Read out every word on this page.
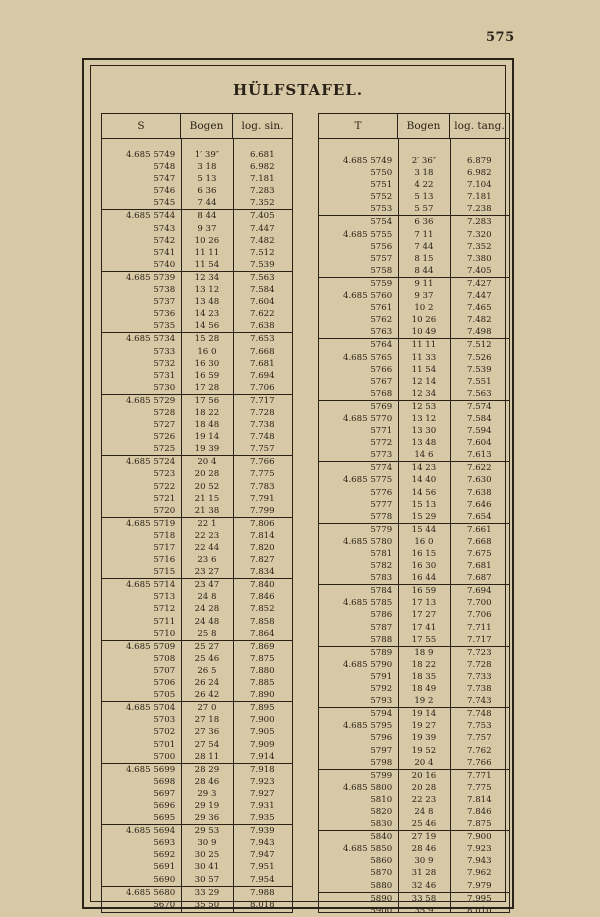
575
HÜLFSTAFEL.
S	Bogen	log. sin.
4.685 5749	1′ 39″	6.681
5748	3 18	6.982
5747	5 13	7.181
5746	6 36	7.283
5745	7 44	7.352
4.685 5744	8 44	7.405
5743	9 37	7.447
5742	10 26	7.482
5741	11 11	7.512
5740	11 54	7.539
4.685 5739	12 34	7.563
5738	13 12	7.584
5737	13 48	7.604
5736	14 23	7.622
5735	14 56	7.638
4.685 5734	15 28	7.653
5733	16 0	7.668
5732	16 30	7.681
5731	16 59	7.694
5730	17 28	7.706
4.685 5729	17 56	7.717
5728	18 22	7.728
5727	18 48	7.738
5726	19 14	7.748
5725	19 39	7.757
4.685 5724	20 4	7.766
5723	20 28	7.775
5722	20 52	7.783
5721	21 15	7.791
5720	21 38	7.799
4.685 5719	22 1	7.806
5718	22 23	7.814
5717	22 44	7.820
5716	23 6	7.827
5715	23 27	7.834
4.685 5714	23 47	7.840
5713	24 8	7.846
5712	24 28	7.852
5711	24 48	7.858
5710	25 8	7.864
4.685 5709	25 27	7.869
5708	25 46	7.875
5707	26 5	7.880
5706	26 24	7.885
5705	26 42	7.890
4.685 5704	27 0	7.895
5703	27 18	7.900
5702	27 36	7.905
5701	27 54	7.909
5700	28 11	7.914
4.685 5699	28 29	7.918
5698	28 46	7.923
5697	29 3	7.927
5696	29 19	7.931
5695	29 36	7.935
4.685 5694	29 53	7.939
5693	30 9	7.943
5692	30 25	7.947
5691	30 41	7.951
5690	30 57	7.954
4.685 5680	33 29	7.988
5670	35 50	8.018
T	Bogen	log. tang.
4.685 5749	2′ 36″	6.879
5750	3 18	6.982
5751	4 22	7.104
5752	5 13	7.181
5753	5 57	7.238
5754	6 36	7.283
4.685 5755	7 11	7.320
5756	7 44	7.352
5757	8 15	7.380
5758	8 44	7.405
5759	9 11	7.427
4.685 5760	9 37	7.447
5761	10 2	7.465
5762	10 26	7.482
5763	10 49	7.498
5764	11 11	7.512
4.685 5765	11 33	7.526
5766	11 54	7.539
5767	12 14	7.551
5768	12 34	7.563
5769	12 53	7.574
4.685 5770	13 12	7.584
5771	13 30	7.594
5772	13 48	7.604
5773	14 6	7.613
5774	14 23	7.622
4.685 5775	14 40	7.630
5776	14 56	7.638
5777	15 13	7.646
5778	15 29	7.654
5779	15 44	7.661
4.685 5780	16 0	7.668
5781	16 15	7.675
5782	16 30	7.681
5783	16 44	7.687
5784	16 59	7.694
4.685 5785	17 13	7.700
5786	17 27	7.706
5787	17 41	7.711
5788	17 55	7.717
5789	18 9	7.723
4.685 5790	18 22	7.728
5791	18 35	7.733
5792	18 49	7.738
5793	19 2	7.743
5794	19 14	7.748
4.685 5795	19 27	7.753
5796	19 39	7.757
5797	19 52	7.762
5798	20 4	7.766
5799	20 16	7.771
4.685 5800	20 28	7.775
5810	22 23	7.814
5820	24 8	7.846
5830	25 46	7.875
5840	27 19	7.900
4.685 5850	28 46	7.923
5860	30 9	7.943
5870	31 28	7.962
5880	32 46	7.979
5890	33 58	7.995
5900	35 9	8.010
